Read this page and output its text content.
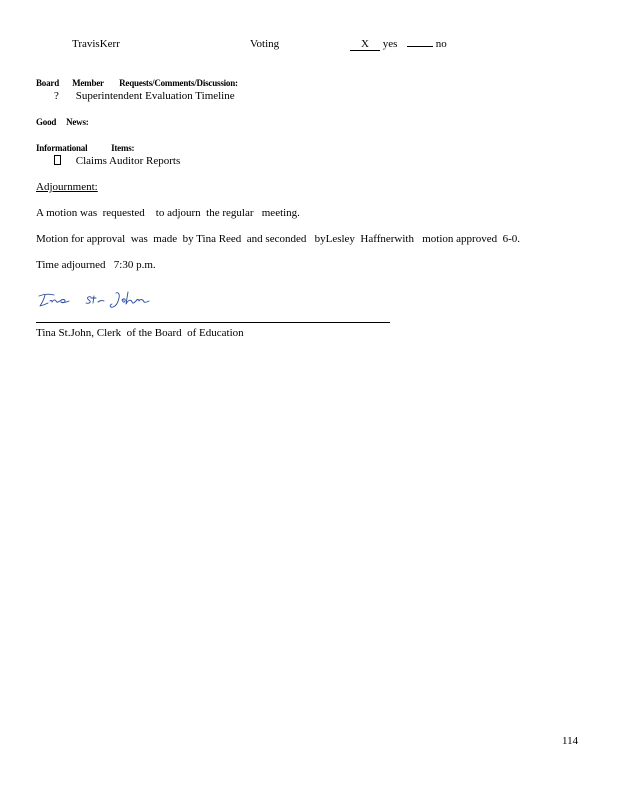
TravisKerr	Voting	X yes	no
Board Member Requests/Comments/Discussion:
? Superintendent Evaluation Timeline
Good News:
Informational	Items:
Claims Auditor Reports
Adjournment:
A motion was  requested    to adjourn  the regular   meeting.
Motion for approval  was  made  by Tina Reed  and seconded   byLesley  Haffnerwith   motion approved  6-0.
Time adjourned   7:30 p.m.
Tina St.John, Clerk  of the Board  of Education
114
